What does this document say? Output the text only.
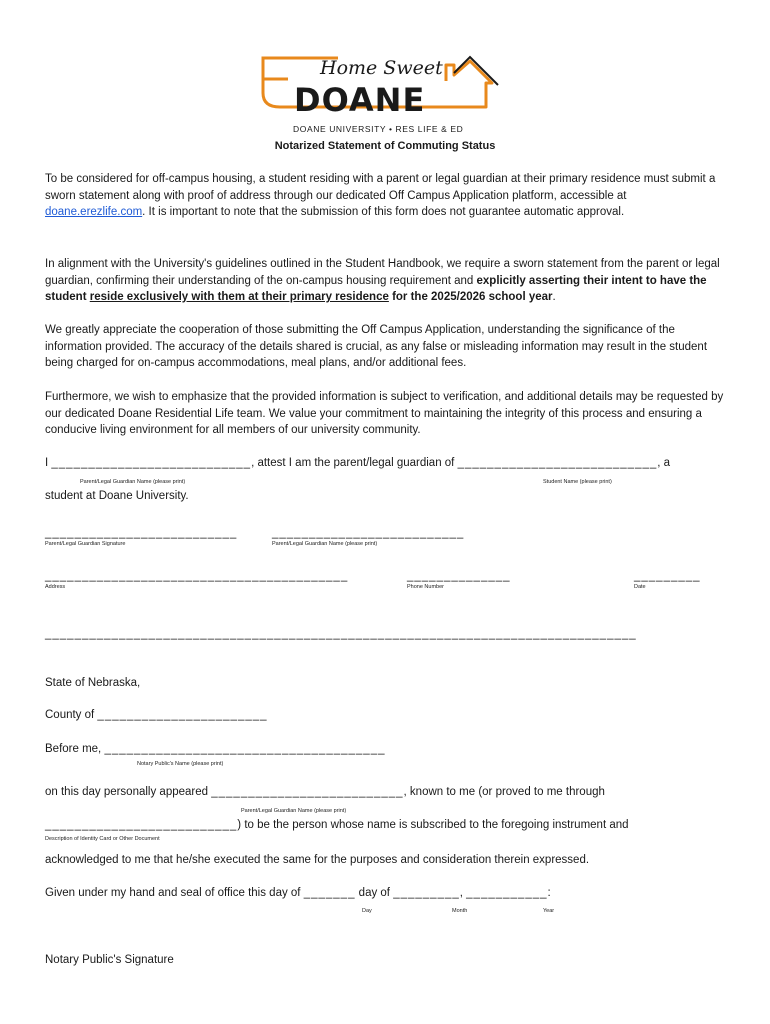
Home Sweet
DOANE
DOANE UNIVERSITY • RES LIFE & ED
Notarized Statement of Commuting Status

To be considered for off-campus housing, a student residing with a parent or legal guardian at their primary residence must submit a sworn statement along with proof of address through our dedicated Off Campus Application platform, accessible at doane.erezlife.com. It is important to note that the submission of this form does not guarantee automatic approval.

In alignment with the University's guidelines outlined in the Student Handbook, we require a sworn statement from the parent or legal guardian, confirming their understanding of the on-campus housing requirement and explicitly asserting their intent to have the student reside exclusively with them at their primary residence for the 2025/2026 school year.

We greatly appreciate the cooperation of those submitting the Off Campus Application, understanding the significance of the information provided. The accuracy of the details shared is crucial, as any false or misleading information may result in the student being charged for on-campus accommodations, meal plans, and/or additional fees.

Furthermore, we wish to emphasize that the provided information is subject to verification, and additional details may be requested by our dedicated Doane Residential Life team. We value your commitment to maintaining the integrity of this process and ensuring a conducive living environment for all members of our university community.

I ___________________________, attest I am the parent/legal guardian of ___________________________, a
Parent/Legal Guardian Name (please print)	Student Name (please print)
student at Doane University.
__________________________	__________________________
Parent/Legal Guardian Signature	Parent/Legal Guardian Name (please print)
_________________________________________	______________	_________
Address	Phone Number	Date
________________________________________________________________________________
State of Nebraska,
County of _______________________
Before me, ______________________________________
Notary Public's Name (please print)
on this day personally appeared __________________________, known to me (or proved to me through
Parent/Legal Guardian Name (please print)
__________________________) to be the person whose name is subscribed to the foregoing instrument and
Description of Identity Card or Other Document
acknowledged to me that he/she executed the same for the purposes and consideration therein expressed.
Given under my hand and seal of office this day of _______ day of _________, ___________:
Day	Month	Year
Notary Public's Signature
